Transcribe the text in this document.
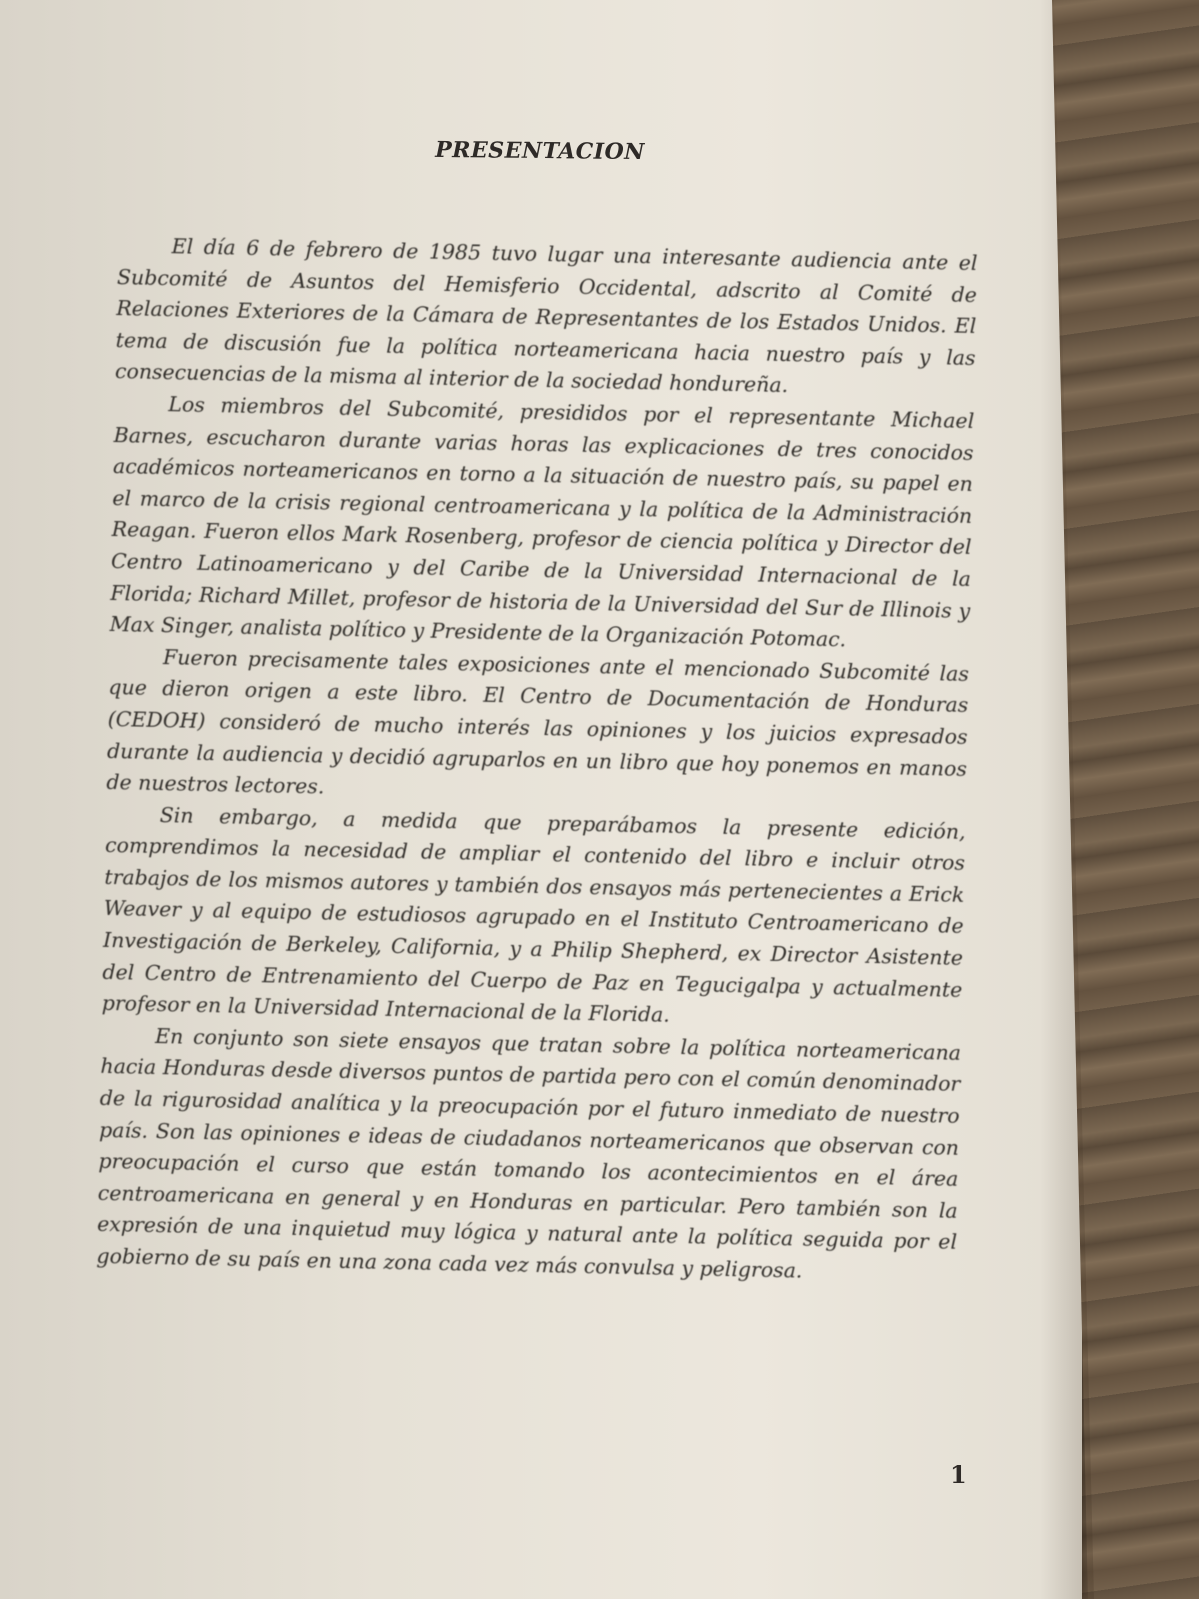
PRESENTACION

El día 6 de febrero de 1985 tuvo lugar una interesante audiencia ante el Subcomité de Asuntos del Hemisferio Occidental, adscrito al Comité de Relaciones Exteriores de la Cámara de Representantes de los Estados Unidos. El tema de discusión fue la política norteamericana hacia nuestro país y las consecuencias de la misma al interior de la sociedad hondureña.

Los miembros del Subcomité, presididos por el representante Michael Barnes, escucharon durante varias horas las explicaciones de tres conocidos académicos norteamericanos en torno a la situación de nuestro país, su papel en el marco de la crisis regional centroamericana y la política de la Administración Reagan. Fueron ellos Mark Rosenberg, profesor de ciencia política y Director del Centro Latinoamericano y del Caribe de la Universidad Internacional de la Florida; Richard Millet, profesor de historia de la Universidad del Sur de Illinois y Max Singer, analista político y Presidente de la Organización Potomac.

Fueron precisamente tales exposiciones ante el mencionado Subcomité las que dieron origen a este libro. El Centro de Documentación de Honduras (CEDOH) consideró de mucho interés las opiniones y los juicios expresados durante la audiencia y decidió agruparlos en un libro que hoy ponemos en manos de nuestros lectores.

Sin embargo, a medida que preparábamos la presente edición, comprendimos la necesidad de ampliar el contenido del libro e incluir otros trabajos de los mismos autores y también dos ensayos más pertenecientes a Erick Weaver y al equipo de estudiosos agrupado en el Instituto Centroamericano de Investigación de Berkeley, California, y a Philip Shepherd, ex Director Asistente del Centro de Entrenamiento del Cuerpo de Paz en Tegucigalpa y actualmente profesor en la Universidad Internacional de la Florida.

En conjunto son siete ensayos que tratan sobre la política norteamericana hacia Honduras desde diversos puntos de partida pero con el común denominador de la rigurosidad analítica y la preocupación por el futuro inmediato de nuestro país. Son las opiniones e ideas de ciudadanos norteamericanos que observan con preocupación el curso que están tomando los acontecimientos en el área centroamericana en general y en Honduras en particular. Pero también son la expresión de una inquietud muy lógica y natural ante la política seguida por el gobierno de su país en una zona cada vez más convulsa y peligrosa.

1
